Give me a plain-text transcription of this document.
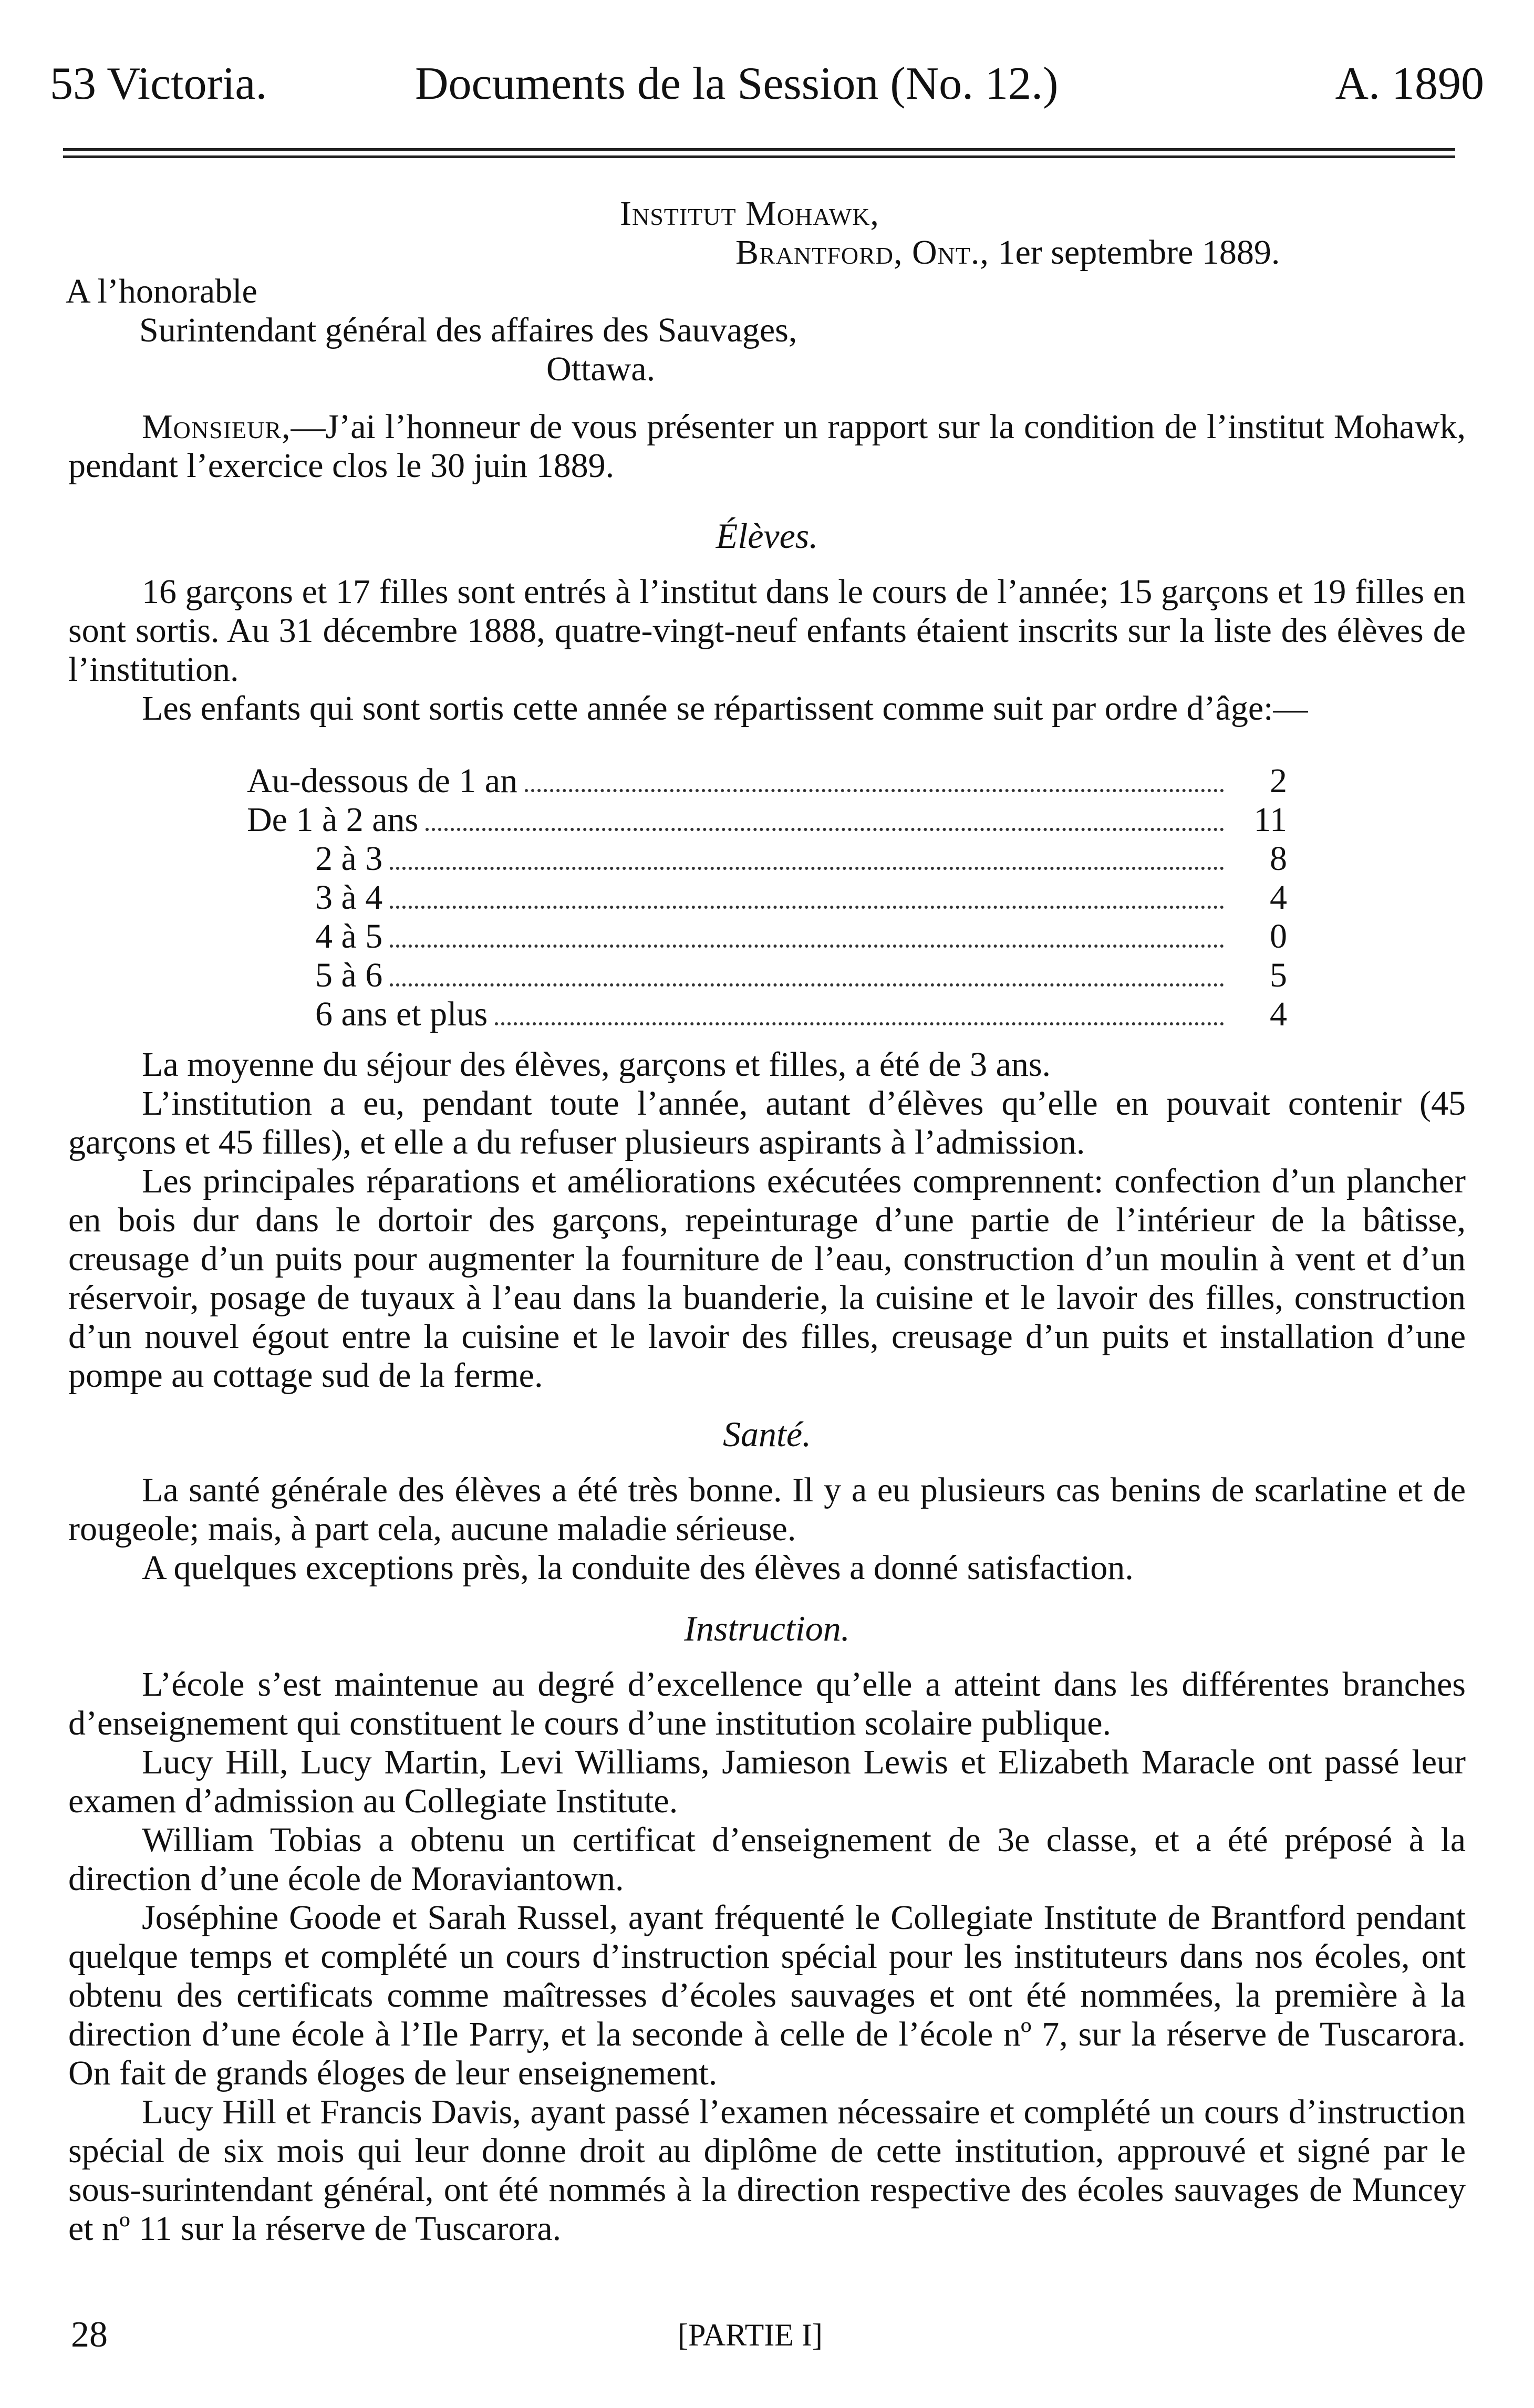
53 Victoria.	Documents de la Session (No. 12.)	A. 1890
Institut Mohawk,
Brantford, Ont., 1er septembre 1889.
A l’honorable
Surintendant général des affaires des Sauvages,
Ottawa.

Monsieur,—J’ai l’honneur de vous présenter un rapport sur la condition de l’institut Mohawk, pendant l’exercice clos le 30 juin 1889.

Élèves.

16 garçons et 17 filles sont entrés à l’institut dans le cours de l’année; 15 garçons et 19 filles en sont sortis. Au 31 décembre 1888, quatre-vingt-neuf enfants étaient inscrits sur la liste des élèves de l’institution.

Les enfants qui sont sortis cette année se répartissent comme suit par ordre d’âge:—

Au-dessous de 1 an	2
De 1 à 2 ans	11
2 à 3	8
3 à 4	4
4 à 5	0
5 à 6	5
6 ans et plus	4

La moyenne du séjour des élèves, garçons et filles, a été de 3 ans.

L’institution a eu, pendant toute l’année, autant d’élèves qu’elle en pouvait contenir (45 garçons et 45 filles), et elle a du refuser plusieurs aspirants à l’admission.

Les principales réparations et améliorations exécutées comprennent: confection d’un plancher en bois dur dans le dortoir des garçons, repeinturage d’une partie de l’intérieur de la bâtisse, creusage d’un puits pour augmenter la fourniture de l’eau, construction d’un moulin à vent et d’un réservoir, posage de tuyaux à l’eau dans la buanderie, la cuisine et le lavoir des filles, construction d’un nouvel égout entre la cuisine et le lavoir des filles, creusage d’un puits et installation d’une pompe au cottage sud de la ferme.

Santé.

La santé générale des élèves a été très bonne. Il y a eu plusieurs cas benins de scarlatine et de rougeole; mais, à part cela, aucune maladie sérieuse.

A quelques exceptions près, la conduite des élèves a donné satisfaction.

Instruction.

L’école s’est maintenue au degré d’excellence qu’elle a atteint dans les différentes branches d’enseignement qui constituent le cours d’une institution scolaire publique.

Lucy Hill, Lucy Martin, Levi Williams, Jamieson Lewis et Elizabeth Maracle ont passé leur examen d’admission au Collegiate Institute.

William Tobias a obtenu un certificat d’enseignement de 3e classe, et a été préposé à la direction d’une école de Moraviantown.

Joséphine Goode et Sarah Russel, ayant fréquenté le Collegiate Institute de Brantford pendant quelque temps et complété un cours d’instruction spécial pour les instituteurs dans nos écoles, ont obtenu des certificats comme maîtresses d’écoles sauvages et ont été nommées, la première à la direction d’une école à l’Ile Parry, et la seconde à celle de l’école nº 7, sur la réserve de Tuscarora. On fait de grands éloges de leur enseignement.

Lucy Hill et Francis Davis, ayant passé l’examen nécessaire et complété un cours d’instruction spécial de six mois qui leur donne droit au diplôme de cette institution, approuvé et signé par le sous-surintendant général, ont été nommés à la direction respective des écoles sauvages de Muncey et nº 11 sur la réserve de Tuscarora.

28	[PARTIE I]
